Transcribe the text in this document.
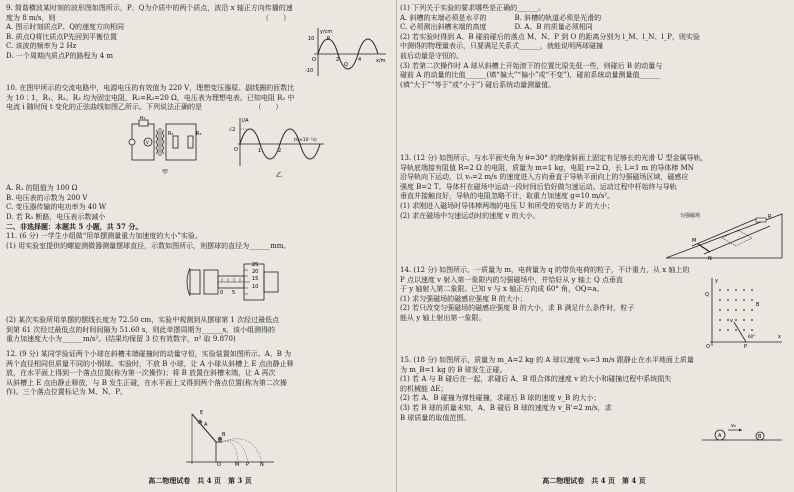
9. 简谐横波某时刻的波形图如图所示，P、Q为介质中的两个质点，波沿 x 轴正方向传播的速

度为 8 m/s，则　　　　　　　　　　　　　　　　　　　　　　　　　　　　　　（　　）

A. 图示时刻质点P、Q的速度方向相同

B. 质点Q将比质点P先回到平衡位置

C. 该波的频率为 2 Hz

D. 一个周期内质点P的路程为 4 m

y/cm
10
-10
P
Q
x/m
2	4
O

10. 在图甲所示的交流电路中，电源电压的有效值为 220 V，理想变压器原、副线圈的匝数比

为 10∶1，R₁、R₂、R₃ 均为固定电阻，R₂=R₃=20 Ω，电压表为理想电表。已知电阻 R₂ 中

电流 i 随时间 t 变化的正弦曲线如图乙所示。下列说法正确的是　　　　　　　　（　　）

R₁
V
R₂	R₃
甲
i/A
√2
O	1	2
t/(×10⁻²s)
乙

A. R₁ 的阻值为 100 Ω

B. 电压表的示数为 200 V

C. 变压器传输的电功率为 40 W

D. 若 R₃ 断路，电压表示数减小

二、非选择题：本题共 5 小题，共 57 分。

11. (6 分) 一学生小组做“用单摆测量重力加速度的大小”实验。

(1) 用实验室提供的螺旋测微器测量摆球直径，示数如图所示，则摆球的直径为______mm。

25
20
15
10
0 5

(2) 某次实验所用单摆的摆线长度为 72.50 cm，实验中观测到从摆球第 1 次经过最低点

到第 61 次经过最低点的时间间隔为 51.60 s，则此单摆周期为______s，该小组测得的

重力加速度大小为______m/s²。(结果均保留 3 位有效数字，π² 取 9.870)

12. (9 分) 某同学验证两个小球在斜槽末端碰撞时的动量守恒，实验装置如图所示。A、B 为

两个直径相同但质量不同的小钢球。实验时，不放 B 小球，让 A 小球从斜槽上 E 点由静止释

放，在水平面上得到一个落点位置(称为第一次操作)；将 B 放置在斜槽末端，让 A 再次

从斜槽上 E 点由静止释放，与 B 发生正碰，在水平面上又得到两个落点位置(称为第二次操

作)。三个落点位置标记为 M、N、P。

E
A
B
O	M P N
高二物理试卷　共 4 页　第 3 页

(1) 下列关于实验的要求哪些是正确的______。

A. 斜槽的末端必须是水平的　　　　B. 斜槽的轨道必须是光滑的

C. 必须测出斜槽末端的高度　　　　D. A、B 的质量必须相同

(2) 若实验时得到 A、B 碰前碰后的落点 M、N、P 到 O 的距离分别为 l_M、l_N、l_P，则实验

中测得的物理量表示，只要满足关系式______，就能说明两球碰撞

前后动量是守恒的。

(3) 若第二次操作时 A 球从斜槽上开始滚下的位置比原先低一些，则碰后 B 的动量与

碰前 A 的动量的比值______(填“偏大”“偏小”或“不变”)，碰前系统动量测量值______

(填“大于”“等于”或“小于”) 碰后系统动量测量值。

13. (12 分) 如图所示，与水平面夹角为 θ=30° 的绝缘斜面上固定有足够长的光滑 U 型金属导轨，

导轨底端接有阻值 R=2 Ω 的电阻，质量为 m=1 kg，电阻 r=2 Ω，长 L=1 m 的导体棒 MN

沿导轨向下运动，以 v₀=2 m/s 的速度进入方向垂直于导轨平面向上的匀强磁场区域，磁感应

强度 B=2 T。导体杆在磁场中运动一段时间后恰好做匀速运动。运动过程中杆始终与导轨

垂直并接触良好，导轨的电阻忽略不计，取重力加速度 g=10 m/s²。

(1) 求刚进入磁场时导体棒两端的电压 U 和所受的安培力 F 的大小；

(2) 求在磁场中匀速运动时的速度 v 的大小。	匀强磁场
M
N
R

14. (12 分) 如图所示，一质量为 m，电荷量为 q 的带负电荷的粒子，不计重力，从 x 轴上的

P 点以速度 v 射入第一象限内的匀强磁场中，并恰好从 y 轴上 Q 点垂直

于 y 轴射入第二象限。已知 v 与 x 轴正方向成 60° 角，OQ=a。

(1) 求匀强磁场的磁感应强度 B 的大小；

(2) 若只改变匀强磁场的磁感应强度 B 的大小，求 B 满足什么条件时，粒子

能从 y 轴上射出第一象限。

y
x
O
Q
P
v
B
60°

15. (18 分) 如图所示，质量为 m_A=2 kg 的 A 球以速度 v₀=3 m/s 跟静止在水平地面上质量

为 m_B=1 kg 的 B 球发生正碰。

(1) 若 A 与 B 碰后在一起，求碰后 A、B 组合体的速度 v 的大小和碰撞过程中系统损失

的机械能 ΔE；

(2) 若 A、B 碰撞为弹性碰撞，求碰后 B 球的速度 v_B 的大小；

(3) 若 B 球的质量未知，A、B 碰后 B 球的速度为 v_B'=2 m/s，求

B 球质量的取值范围。

A	B
v₀
高二物理试卷　共 4 页　第 4 页
